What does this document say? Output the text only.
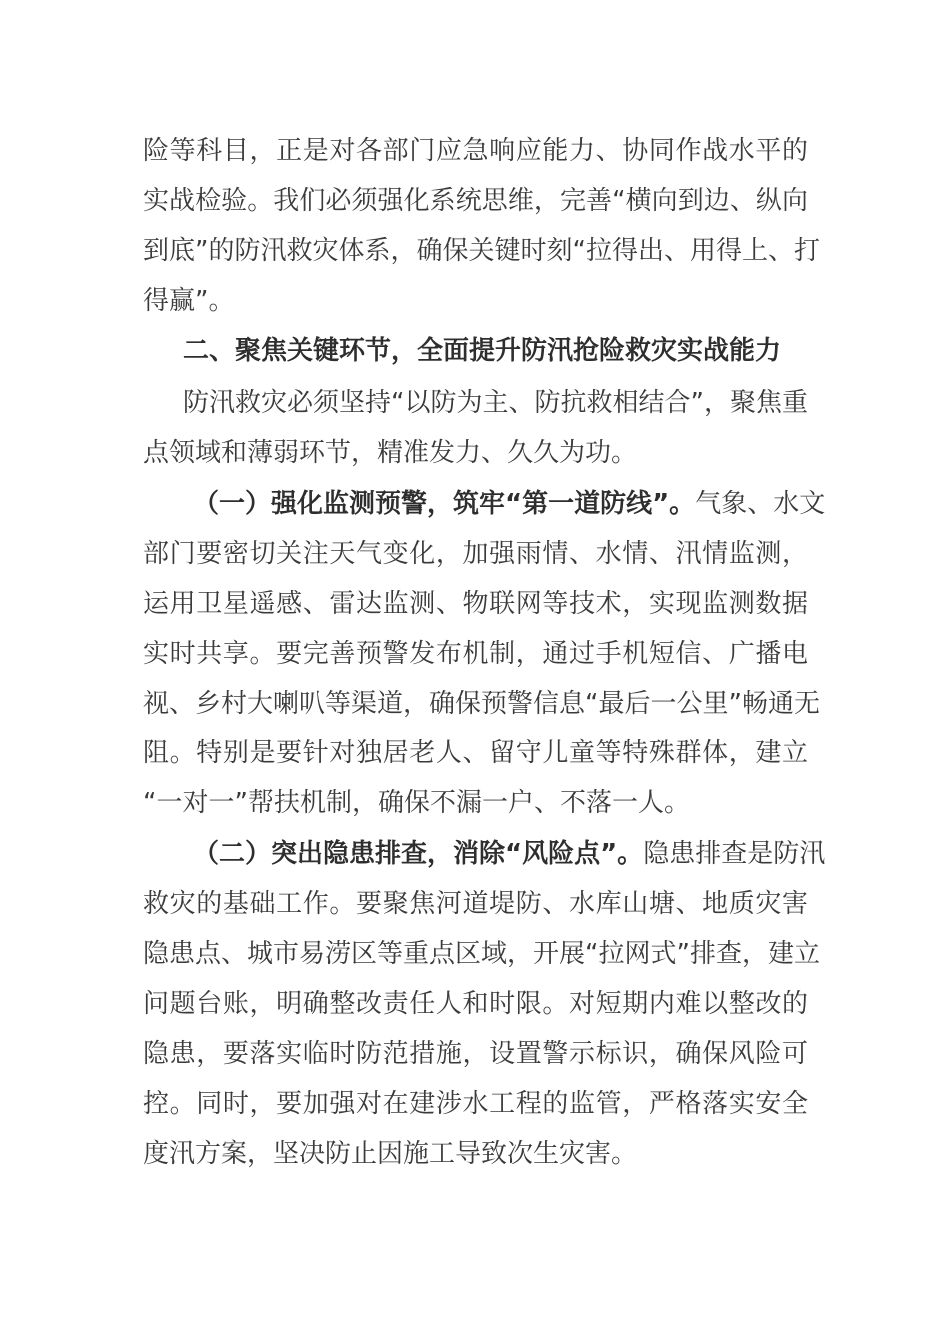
险等科目，正是对各部门应急响应能力、协同作战水平的
实战检验。我们必须强化系统思维，完善“横向到边、纵向
到底”的防汛救灾体系，确保关键时刻“拉得出、用得上、打
得赢”。
二、聚焦关键环节，全面提升防汛抢险救灾实战能力
防汛救灾必须坚持“以防为主、防抗救相结合”，聚焦重
点领域和薄弱环节，精准发力、久久为功。
（一）强化监测预警，筑牢“第一道防线”。气象、水文
部门要密切关注天气变化，加强雨情、水情、汛情监测，
运用卫星遥感、雷达监测、物联网等技术，实现监测数据
实时共享。要完善预警发布机制，通过手机短信、广播电
视、乡村大喇叭等渠道，确保预警信息“最后一公里”畅通无
阻。特别是要针对独居老人、留守儿童等特殊群体，建立
“一对一”帮扶机制，确保不漏一户、不落一人。
（二）突出隐患排查，消除“风险点”。隐患排查是防汛
救灾的基础工作。要聚焦河道堤防、水库山塘、地质灾害
隐患点、城市易涝区等重点区域，开展“拉网式”排查，建立
问题台账，明确整改责任人和时限。对短期内难以整改的
隐患，要落实临时防范措施，设置警示标识，确保风险可
控。同时，要加强对在建涉水工程的监管，严格落实安全
度汛方案，坚决防止因施工导致次生灾害。
